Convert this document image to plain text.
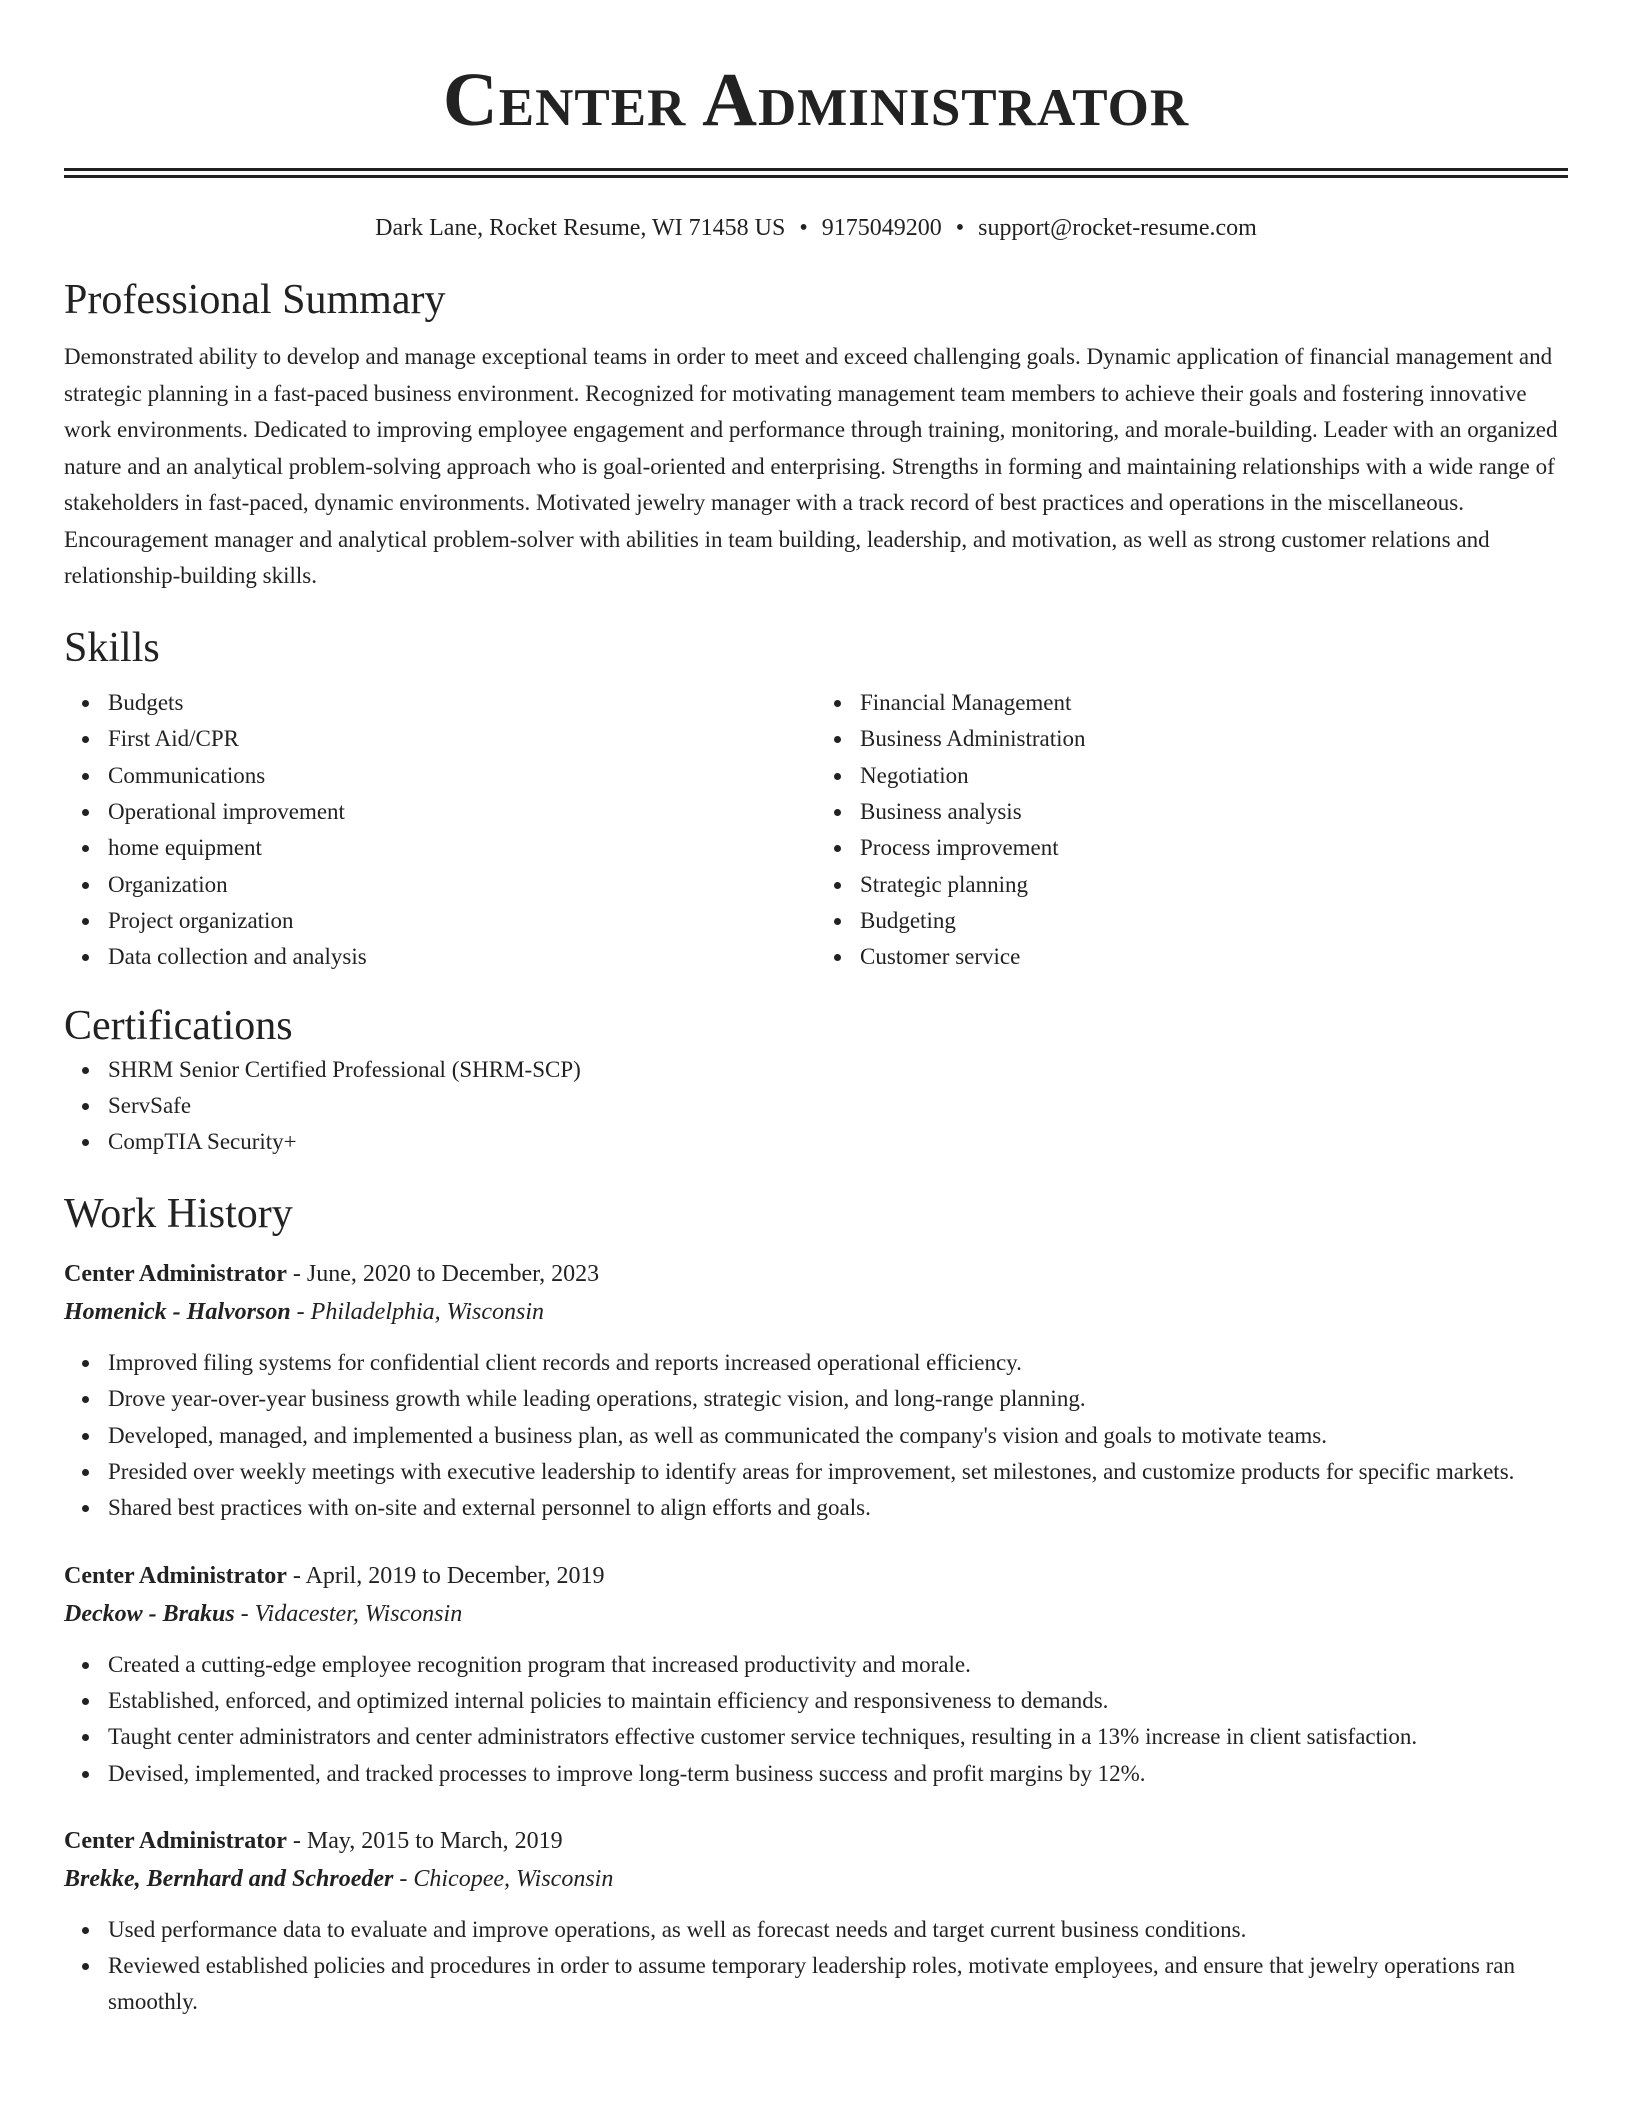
Center Administrator
Dark Lane, Rocket Resume, WI 71458 US • 9175049200 • support@rocket-resume.com
Professional Summary

Demonstrated ability to develop and manage exceptional teams in order to meet and exceed challenging goals. Dynamic application of financial management and strategic planning in a fast-paced business environment. Recognized for motivating management team members to achieve their goals and fostering innovative work environments. Dedicated to improving employee engagement and performance through training, monitoring, and morale-building. Leader with an organized nature and an analytical problem-solving approach who is goal-oriented and enterprising. Strengths in forming and maintaining relationships with a wide range of stakeholders in fast-paced, dynamic environments. Motivated jewelry manager with a track record of best practices and operations in the miscellaneous. Encouragement manager and analytical problem-solver with abilities in team building, leadership, and motivation, as well as strong customer relations and relationship-building skills.

Skills
Budgets
First Aid/CPR
Communications
Operational improvement
home equipment
Organization
Project organization
Data collection and analysis
Financial Management
Business Administration
Negotiation
Business analysis
Process improvement
Strategic planning
Budgeting
Customer service
Certifications
SHRM Senior Certified Professional (SHRM-SCP)
ServSafe
CompTIA Security+
Work History
Center Administrator - June, 2020 to December, 2023
Homenick - Halvorson - Philadelphia, Wisconsin
Improved filing systems for confidential client records and reports increased operational efficiency.
Drove year-over-year business growth while leading operations, strategic vision, and long-range planning.
Developed, managed, and implemented a business plan, as well as communicated the company's vision and goals to motivate teams.
Presided over weekly meetings with executive leadership to identify areas for improvement, set milestones, and customize products for specific markets.
Shared best practices with on-site and external personnel to align efforts and goals.
Center Administrator - April, 2019 to December, 2019
Deckow - Brakus - Vidacester, Wisconsin
Created a cutting-edge employee recognition program that increased productivity and morale.
Established, enforced, and optimized internal policies to maintain efficiency and responsiveness to demands.
Taught center administrators and center administrators effective customer service techniques, resulting in a 13% increase in client satisfaction.
Devised, implemented, and tracked processes to improve long-term business success and profit margins by 12%.
Center Administrator - May, 2015 to March, 2019
Brekke, Bernhard and Schroeder - Chicopee, Wisconsin
Used performance data to evaluate and improve operations, as well as forecast needs and target current business conditions.
Reviewed established policies and procedures in order to assume temporary leadership roles, motivate employees, and ensure that jewelry operations ran smoothly.
